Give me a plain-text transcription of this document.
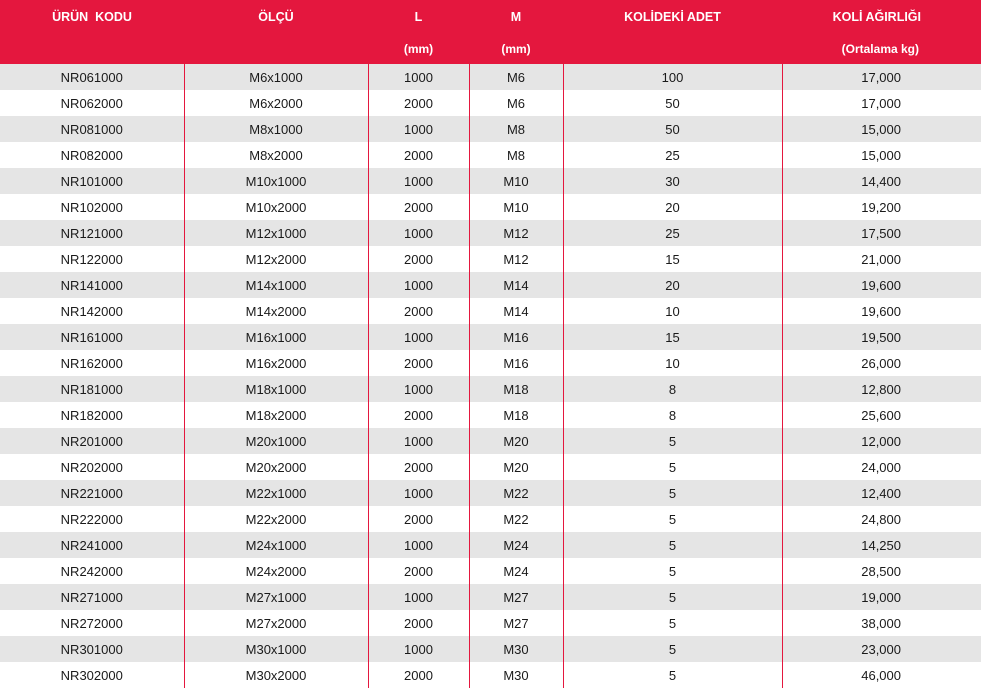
ÜRÜN  KODU	ÖLÇÜ	L	M	KOLİDEKİ ADET	KOLİ AĞIRLIĞI
		(mm)	(mm)		(Ortalama kg)
NR061000	M6x1000	1000	M6	100	17,000
NR062000	M6x2000	2000	M6	50	17,000
NR081000	M8x1000	1000	M8	50	15,000
NR082000	M8x2000	2000	M8	25	15,000
NR101000	M10x1000	1000	M10	30	14,400
NR102000	M10x2000	2000	M10	20	19,200
NR121000	M12x1000	1000	M12	25	17,500
NR122000	M12x2000	2000	M12	15	21,000
NR141000	M14x1000	1000	M14	20	19,600
NR142000	M14x2000	2000	M14	10	19,600
NR161000	M16x1000	1000	M16	15	19,500
NR162000	M16x2000	2000	M16	10	26,000
NR181000	M18x1000	1000	M18	8	12,800
NR182000	M18x2000	2000	M18	8	25,600
NR201000	M20x1000	1000	M20	5	12,000
NR202000	M20x2000	2000	M20	5	24,000
NR221000	M22x1000	1000	M22	5	12,400
NR222000	M22x2000	2000	M22	5	24,800
NR241000	M24x1000	1000	M24	5	14,250
NR242000	M24x2000	2000	M24	5	28,500
NR271000	M27x1000	1000	M27	5	19,000
NR272000	M27x2000	2000	M27	5	38,000
NR301000	M30x1000	1000	M30	5	23,000
NR302000	M30x2000	2000	M30	5	46,000
